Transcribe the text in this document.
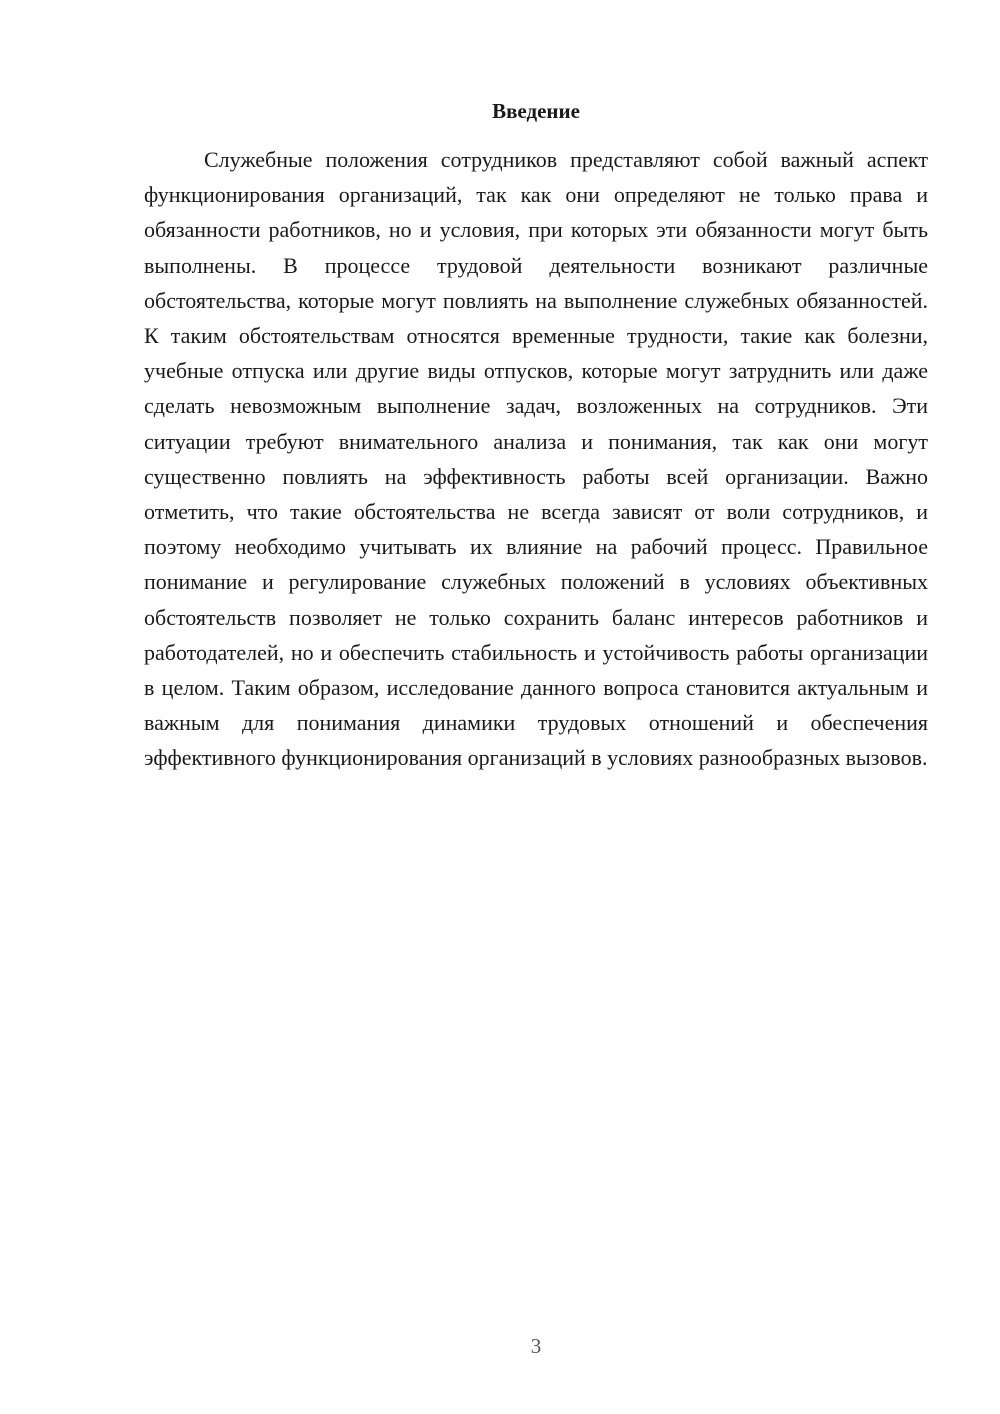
Введение

Служебные положения сотрудников представляют собой важный аспект функционирования организаций, так как они определяют не только права и обязанности работников, но и условия, при которых эти обязанности могут быть выполнены. В процессе трудовой деятельности возникают различные обстоятельства, которые могут повлиять на выполнение служебных обязанностей. К таким обстоятельствам относятся временные трудности, такие как болезни, учебные отпуска или другие виды отпусков, которые могут затруднить или даже сделать невозможным выполнение задач, возложенных на сотрудников. Эти ситуации требуют внимательного анализа и понимания, так как они могут существенно повлиять на эффективность работы всей организации. Важно отметить, что такие обстоятельства не всегда зависят от воли сотрудников, и поэтому необходимо учитывать их влияние на рабочий процесс. Правильное понимание и регулирование служебных положений в условиях объективных обстоятельств позволяет не только сохранить баланс интересов работников и работодателей, но и обеспечить стабильность и устойчивость работы организации в целом. Таким образом, исследование данного вопроса становится актуальным и важным для понимания динамики трудовых отношений и обеспечения эффективного функционирования организаций в условиях разнообразных вызовов.

3
